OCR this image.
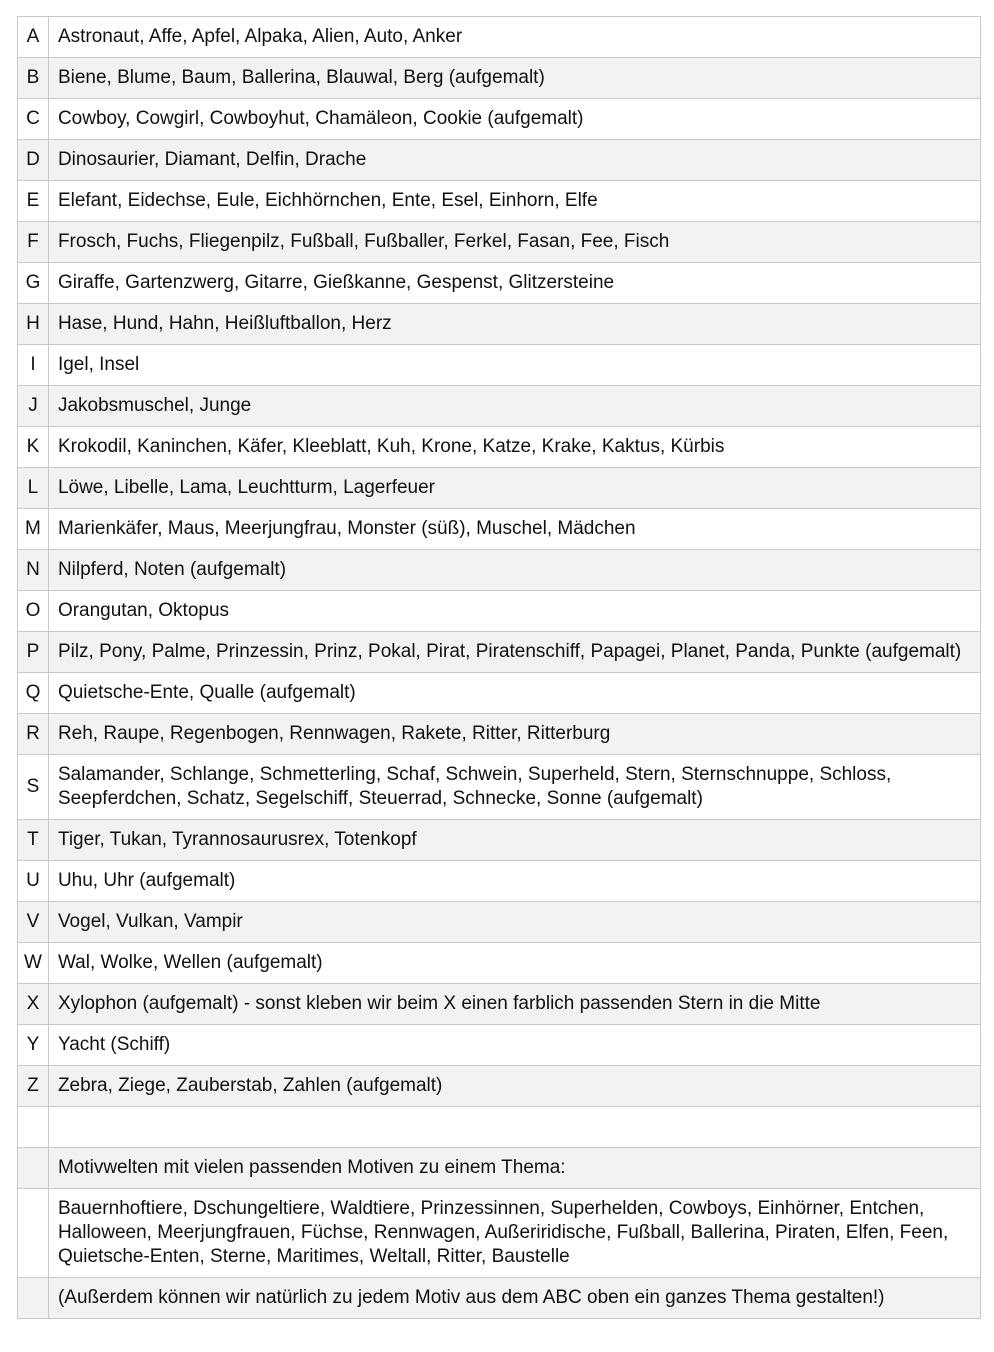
A	Astronaut, Affe, Apfel, Alpaka, Alien, Auto, Anker
B	Biene, Blume, Baum, Ballerina, Blauwal, Berg (aufgemalt)
C	Cowboy, Cowgirl, Cowboyhut, Chamäleon, Cookie (aufgemalt)
D	Dinosaurier, Diamant, Delfin, Drache
E	Elefant, Eidechse, Eule, Eichhörnchen, Ente, Esel, Einhorn, Elfe
F	Frosch, Fuchs, Fliegenpilz, Fußball, Fußballer, Ferkel, Fasan, Fee, Fisch
G	Giraffe, Gartenzwerg, Gitarre, Gießkanne, Gespenst, Glitzersteine
H	Hase, Hund, Hahn, Heißluftballon, Herz
I	Igel, Insel
J	Jakobsmuschel, Junge
K	Krokodil, Kaninchen, Käfer, Kleeblatt, Kuh, Krone, Katze, Krake, Kaktus, Kürbis
L	Löwe, Libelle, Lama, Leuchtturm, Lagerfeuer
M	Marienkäfer, Maus, Meerjungfrau, Monster (süß), Muschel, Mädchen
N	Nilpferd, Noten (aufgemalt)
O	Orangutan, Oktopus
P	Pilz, Pony, Palme, Prinzessin, Prinz, Pokal, Pirat, Piratenschiff, Papagei, Planet, Panda, Punkte (aufgemalt)
Q	Quietsche-Ente, Qualle (aufgemalt)
R	Reh, Raupe, Regenbogen, Rennwagen, Rakete, Ritter, Ritterburg
S	Salamander, Schlange, Schmetterling, Schaf, Schwein, Superheld, Stern, Sternschnuppe, Schloss, Seepferdchen, Schatz, Segelschiff, Steuerrad, Schnecke, Sonne (aufgemalt)
T	Tiger, Tukan, Tyrannosaurusrex, Totenkopf
U	Uhu, Uhr (aufgemalt)
V	Vogel, Vulkan, Vampir
W	Wal, Wolke, Wellen (aufgemalt)
X	Xylophon (aufgemalt) - sonst kleben wir beim X einen farblich passenden Stern in die Mitte
Y	Yacht (Schiff)
Z	Zebra, Ziege, Zauberstab, Zahlen (aufgemalt)

	Motivwelten mit vielen passenden Motiven zu einem Thema:
	Bauernhoftiere, Dschungeltiere, Waldtiere, Prinzessinnen, Superhelden, Cowboys, Einhörner, Entchen, Halloween, Meerjungfrauen, Füchse, Rennwagen, Außeriridische, Fußball, Ballerina, Piraten, Elfen, Feen, Quietsche-Enten, Sterne, Maritimes, Weltall, Ritter, Baustelle
	(Außerdem können wir natürlich zu jedem Motiv aus dem ABC oben ein ganzes Thema gestalten!)
